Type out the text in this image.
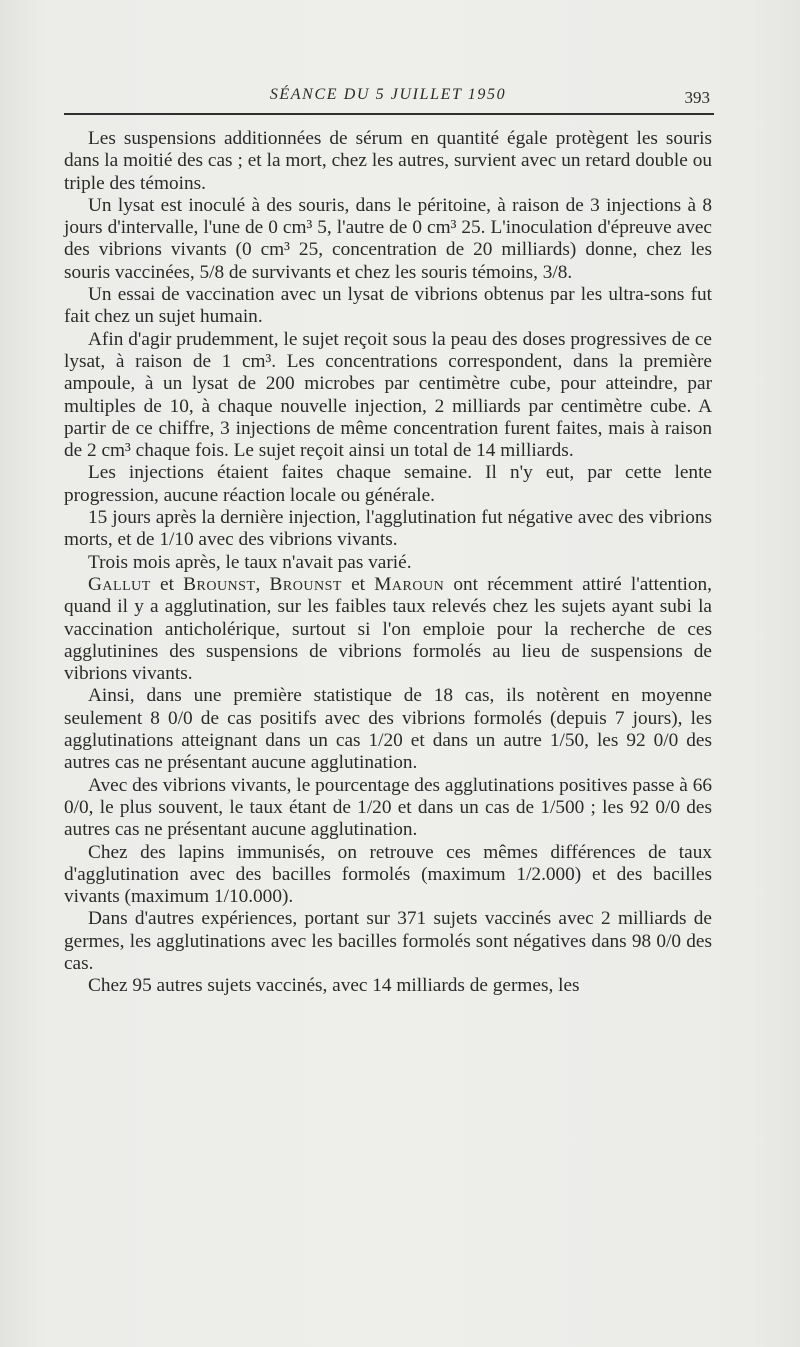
SÉANCE DU 5 JUILLET 1950	393

Les suspensions additionnées de sérum en quantité égale protègent les souris dans la moitié des cas ; et la mort, chez les autres, survient avec un retard double ou triple des témoins.

Un lysat est inoculé à des souris, dans le péritoine, à raison de 3 injections à 8 jours d'intervalle, l'une de 0 cm³ 5, l'autre de 0 cm³ 25. L'inoculation d'épreuve avec des vibrions vivants (0 cm³ 25, concentration de 20 milliards) donne, chez les souris vaccinées, 5/8 de survivants et chez les souris témoins, 3/8.

Un essai de vaccination avec un lysat de vibrions obtenus par les ultra-sons fut fait chez un sujet humain.

Afin d'agir prudemment, le sujet reçoit sous la peau des doses progressives de ce lysat, à raison de 1 cm³. Les concentrations correspondent, dans la première ampoule, à un lysat de 200 microbes par centimètre cube, pour atteindre, par multiples de 10, à chaque nouvelle injection, 2 milliards par centimètre cube. A partir de ce chiffre, 3 injections de même concentration furent faites, mais à raison de 2 cm³ chaque fois. Le sujet reçoit ainsi un total de 14 milliards.

Les injections étaient faites chaque semaine. Il n'y eut, par cette lente progression, aucune réaction locale ou générale.

15 jours après la dernière injection, l'agglutination fut négative avec des vibrions morts, et de 1/10 avec des vibrions vivants.

Trois mois après, le taux n'avait pas varié.

Gallut et Brounst, Brounst et Maroun ont récemment attiré l'attention, quand il y a agglutination, sur les faibles taux relevés chez les sujets ayant subi la vaccination anticholérique, surtout si l'on emploie pour la recherche de ces agglutinines des suspensions de vibrions formolés au lieu de suspensions de vibrions vivants.

Ainsi, dans une première statistique de 18 cas, ils notèrent en moyenne seulement 8 0/0 de cas positifs avec des vibrions formolés (depuis 7 jours), les agglutinations atteignant dans un cas 1/20 et dans un autre 1/50, les 92 0/0 des autres cas ne présentant aucune agglutination.

Avec des vibrions vivants, le pourcentage des agglutinations positives passe à 66 0/0, le plus souvent, le taux étant de 1/20 et dans un cas de 1/500 ; les 92 0/0 des autres cas ne présentant aucune agglutination.

Chez des lapins immunisés, on retrouve ces mêmes différences de taux d'agglutination avec des bacilles formolés (maximum 1/2.000) et des bacilles vivants (maximum 1/10.000).

Dans d'autres expériences, portant sur 371 sujets vaccinés avec 2 milliards de germes, les agglutinations avec les bacilles formolés sont négatives dans 98 0/0 des cas.

Chez 95 autres sujets vaccinés, avec 14 milliards de germes, les
